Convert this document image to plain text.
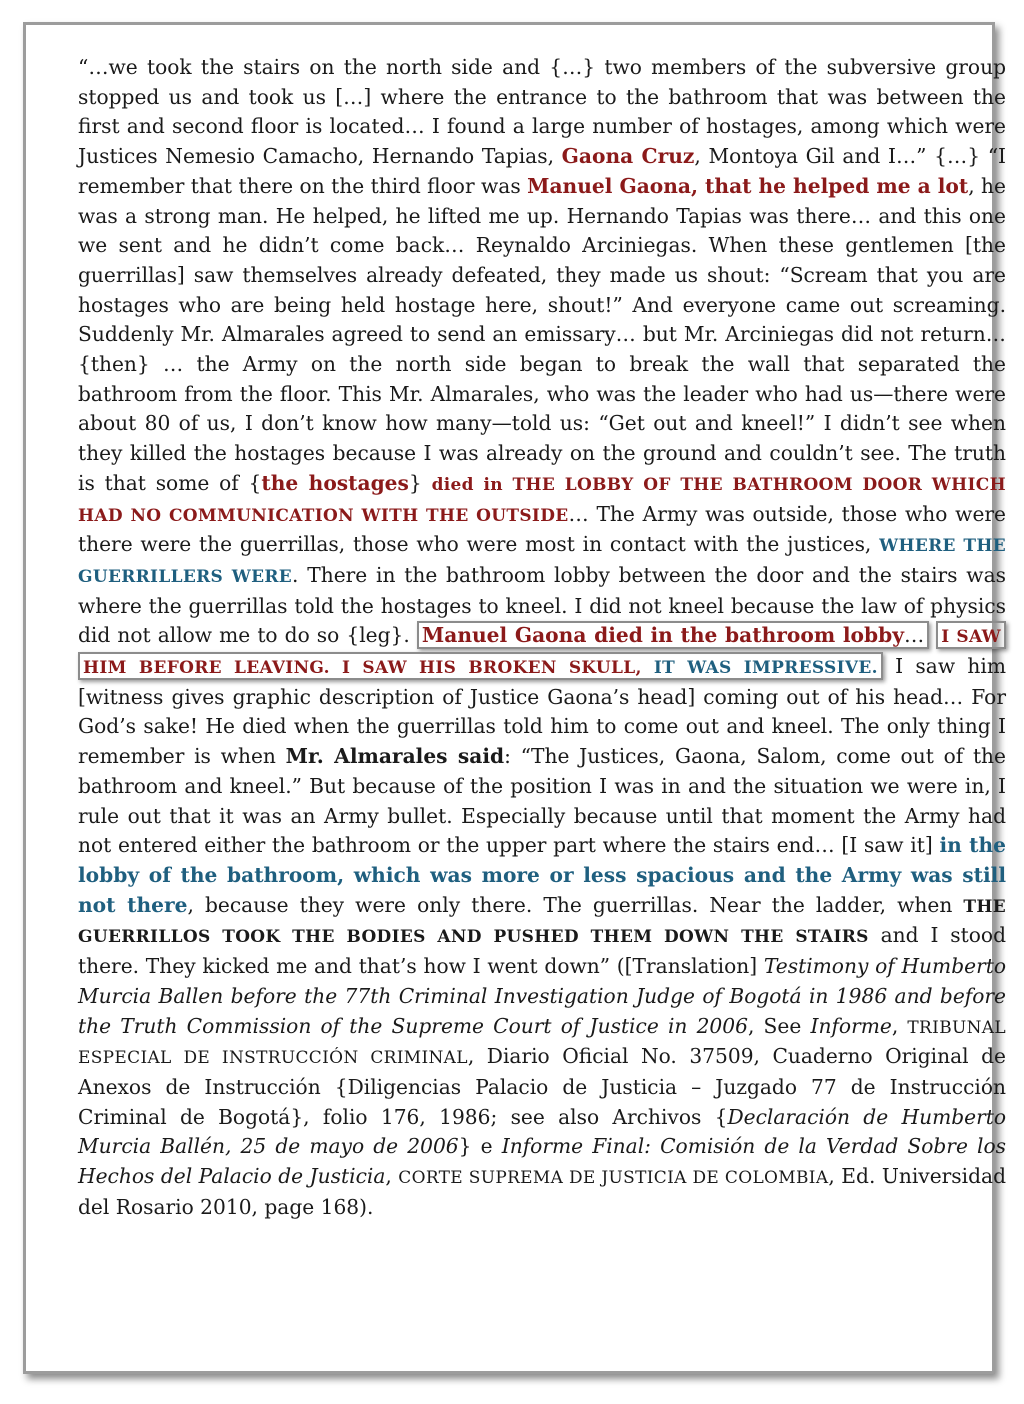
“…we took the stairs on the north side and {…} two members of the subversive group stopped us and took us […] where the entrance to the bathroom that was between the first and second floor is located… I found a large number of hostages, among which were Justices Nemesio Camacho, Hernando Tapias, Gaona Cruz, Montoya Gil and I…” {…} “I remember that there on the third floor was Manuel Gaona, that he helped me a lot, he was a strong man. He helped, he lifted me up. Hernando Tapias was there… and this one we sent and he didn’t come back… Reynaldo Arciniegas. When these gentlemen [the guerrillas] saw themselves already defeated, they made us shout: “Scream that you are hostages who are being held hostage here, shout!” And everyone came out screaming. Suddenly Mr. Almarales agreed to send an emissary… but Mr. Arciniegas did not return… {then} … the Army on the north side began to break the wall that separated the bathroom from the floor. This Mr. Almarales, who was the leader who had us—there were about 80 of us, I don’t know how many—told us: “Get out and kneel!” I didn’t see when they killed the hostages because I was already on the ground and couldn’t see. The truth is that some of {the hostages} died in THE LOBBY OF THE BATHROOM DOOR WHICH HAD NO COMMUNICATION WITH THE OUTSIDE… The Army was outside, those who were there were the guerrillas, those who were most in contact with the justices, WHERE THE GUERRILLERS WERE. There in the bathroom lobby between the door and the stairs was where the guerrillas told the hostages to kneel. I did not kneel because the law of physics did not allow me to do so {leg}. Manuel Gaona died in the bathroom lobby… I SAW HIM BEFORE LEAVING. I SAW HIS BROKEN SKULL, IT WAS IMPRESSIVE. I saw him [witness gives graphic description of Justice Gaona’s head] coming out of his head… For God’s sake! He died when the guerrillas told him to come out and kneel. The only thing I remember is when Mr. Almarales said: “The Justices, Gaona, Salom, come out of the bathroom and kneel.” But because of the position I was in and the situation we were in, I rule out that it was an Army bullet. Especially because until that moment the Army had not entered either the bathroom or the upper part where the stairs end… [I saw it] in the lobby of the bathroom, which was more or less spacious and the Army was still not there, because they were only there. The guerrillas. Near the ladder, when THE GUERRILLOS TOOK THE BODIES AND PUSHED THEM DOWN THE STAIRS and I stood there. They kicked me and that’s how I went down” ([Translation] Testimony of Humberto Murcia Ballen before the 77th Criminal Investigation Judge of Bogotá in 1986 and before the Truth Commission of the Supreme Court of Justice in 2006, See Informe, TRIBUNAL ESPECIAL DE INSTRUCCIÓN CRIMINAL, Diario Oficial No. 37509, Cuaderno Original de Anexos de Instrucción {Diligencias Palacio de Justicia – Juzgado 77 de Instrucción Criminal de Bogotá}, folio 176, 1986; see also Archivos {Declaración de Humberto Murcia Ballén, 25 de mayo de 2006} e Informe Final: Comisión de la Verdad Sobre los Hechos del Palacio de Justicia, CORTE SUPREMA DE JUSTICIA DE COLOMBIA, Ed. Universidad del Rosario 2010, page 168).
